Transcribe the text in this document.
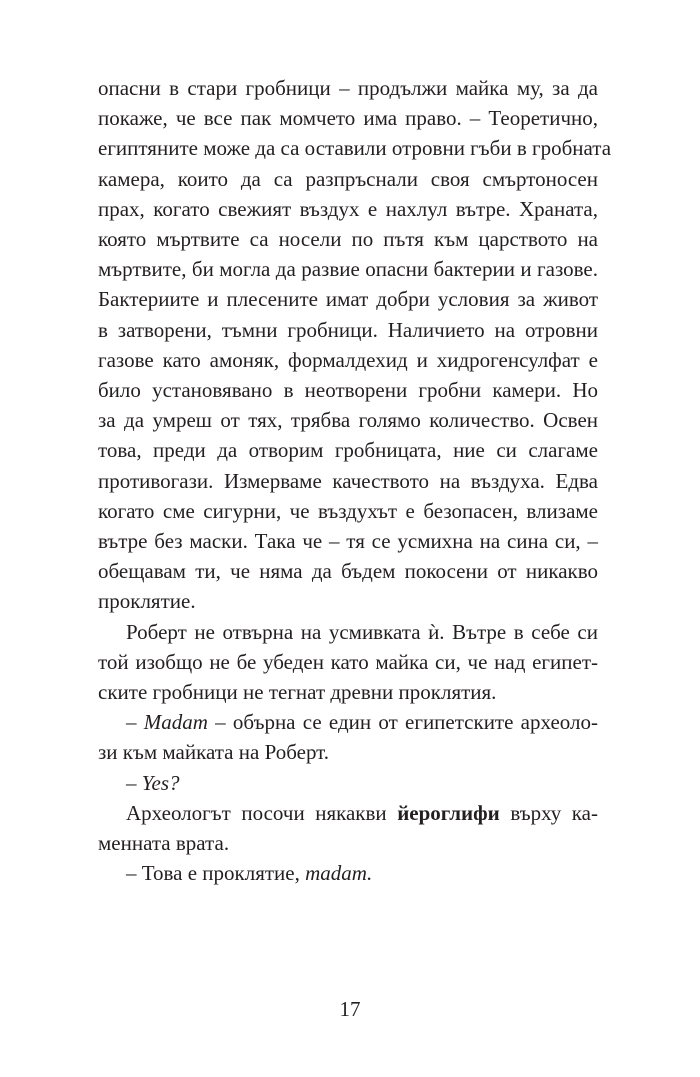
опасни в стари гробници – продължи майка му, за да
покаже, че все пак момчето има право. – Теоретично,
египтяните може да са оставили отровни гъби в гробната
камера, които да са разпръснали своя смъртоносен
прах, когато свежият въздух е нахлул вътре. Храната,
която мъртвите са носели по пътя към царството на
мъртвите, би могла да развие опасни бактерии и газове.
Бактериите и плесените имат добри условия за живот
в затворени, тъмни гробници. Наличието на отровни
газове като амоняк, формалдехид и хидрогенсулфат е
било установявано в неотворени гробни камери. Но
за да умреш от тях, трябва голямо количество. Освен
това, преди да отворим гробницата, ние си слагаме
противогази. Измерваме качеството на въздуха. Едва
когато сме сигурни, че въздухът е безопасен, влизаме
вътре без маски. Така че – тя се усмихна на сина си, –
обещавам ти, че няма да бъдем покосени от никакво
проклятие.
Роберт не отвърна на усмивката ѝ. Вътре в себе си
той изобщо не бе убеден като майка си, че над египет-
ските гробници не тегнат древни проклятия.
– Madam – обърна се един от египетските археоло-
зи към майката на Роберт.
– Yes?
Археологът посочи някакви йероглифи върху ка-
менната врата.
– Това е проклятие, madam.
17
